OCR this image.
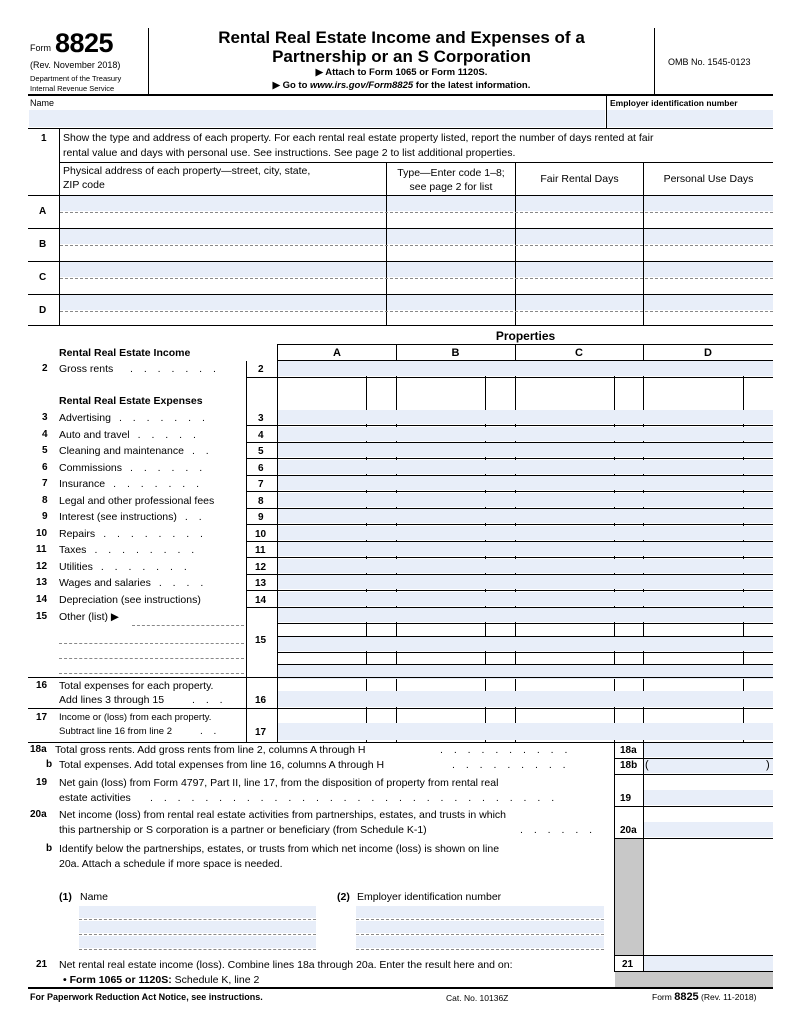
Form 8825
(Rev. November 2018)
Department of the Treasury
Internal Revenue Service
Rental Real Estate Income and Expenses of a
Partnership or an S Corporation
▶ Attach to Form 1065 or Form 1120S.
▶ Go to www.irs.gov/Form8825 for the latest information.
OMB No. 1545-0123
Name	Employer identification number
1 Show the type and address of each property. For each rental real estate property listed, report the number of days rented at fair
rental value and days with personal use. See instructions. See page 2 to list additional properties.
Physical address of each property—street, city, state,
ZIP code
Type—Enter code 1–8;
see page 2 for list
Fair Rental Days	Personal Use Days
A
B
C
D
Properties
A	B	C	D
Rental Real Estate Income
2 Gross rents . . . . . . .	2
Rental Real Estate Expenses
3 Advertising	3
. . . . . . .
4 Auto and travel	4
. . . . .
5 Cleaning and maintenance	5
. .
6 Commissions	6
. . . . . .
7 Insurance	7
. . . . . . .
8 Legal and other professional fees	8
9 Interest (see instructions)	9
. .
10 Repairs	10
. . . . . . . .
11 Taxes	11
. . . . . . . .
12 Utilities	12
. . . . . . .
13 Wages and salaries	13
. . . .
14 Depreciation (see instructions)	14
15 Other (list) ▶
15
16 Total expenses for each property.
Add lines 3 through 15	. . .	16
17 Income or (loss) from each property.
Subtract line 16 from line 2	. .	17
18a Total gross rents. Add gross rents from line 2, columns A through H	. . . . . . . . . .	18a
b Total expenses. Add total expenses from line 16, columns A through H	. . . . . . . . .	18b (	)
19 Net gain (loss) from Form 4797, Part II, line 17, from the disposition of property from rental real
estate activities . . . . . . . . . . . . . . . . . . . . . . . . . . . . . .	19
20a Net income (loss) from rental real estate activities from partnerships, estates, and trusts in which
this partnership or S corporation is a partner or beneficiary (from Schedule K-1)	. . . . . . 20a
b Identify below the partnerships, estates, or trusts from which net income (loss) is shown on line
20a. Attach a schedule if more space is needed.
(1) Name	(2) Employer identification number
21 Net rental real estate income (loss). Combine lines 18a through 20a. Enter the result here and on:
• Form 1065 or 1120S: Schedule K, line 2
21
For Paperwork Reduction Act Notice, see instructions.	Cat. No. 10136Z	Form 8825 (Rev. 11-2018)
